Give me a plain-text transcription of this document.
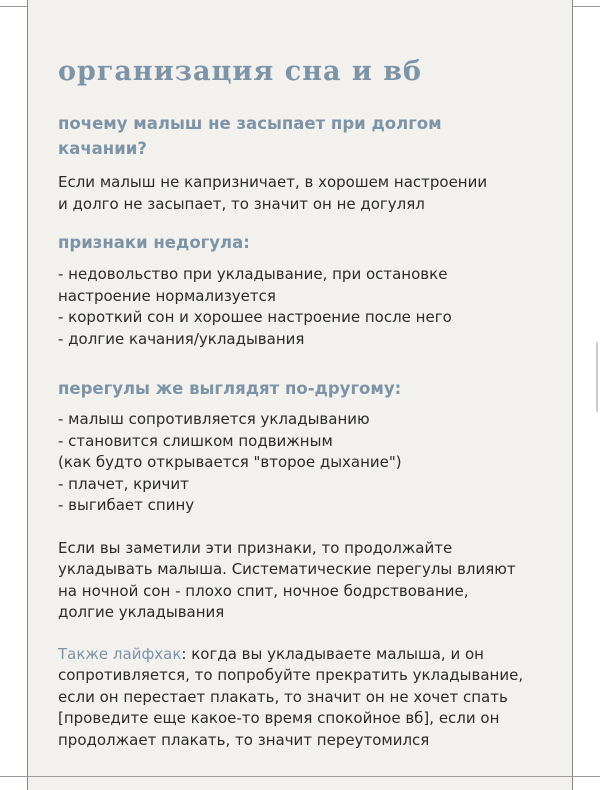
организация сна и вб
почему малыш не засыпает при долгом
качании?

Если малыш не капризничает, в хорошем настроении
и долго не засыпает, то значит он не догулял

признаки недогула:

- недовольство при укладывание, при остановке
настроение нормализуется
- короткий сон и хорошее настроение после него
- долгие качания/укладывания

перегулы же выглядят по-другому:

- малыш сопротивляется укладыванию
- становится слишком подвижным
(как будто открывается "второе дыхание")
- плачет, кричит
- выгибает спину

Если вы заметили эти признаки, то продолжайте
укладывать малыша. Систематические перегулы влияют
на ночной сон - плохо спит, ночное бодрствование,
долгие укладывания

Также лайфхак: когда вы укладываете малыша, и он
сопротивляется, то попробуйте прекратить укладывание,
если он перестает плакать, то значит он не хочет спать
[проведите еще какое-то время спокойное вб], если он
продолжает плакать, то значит переутомился
